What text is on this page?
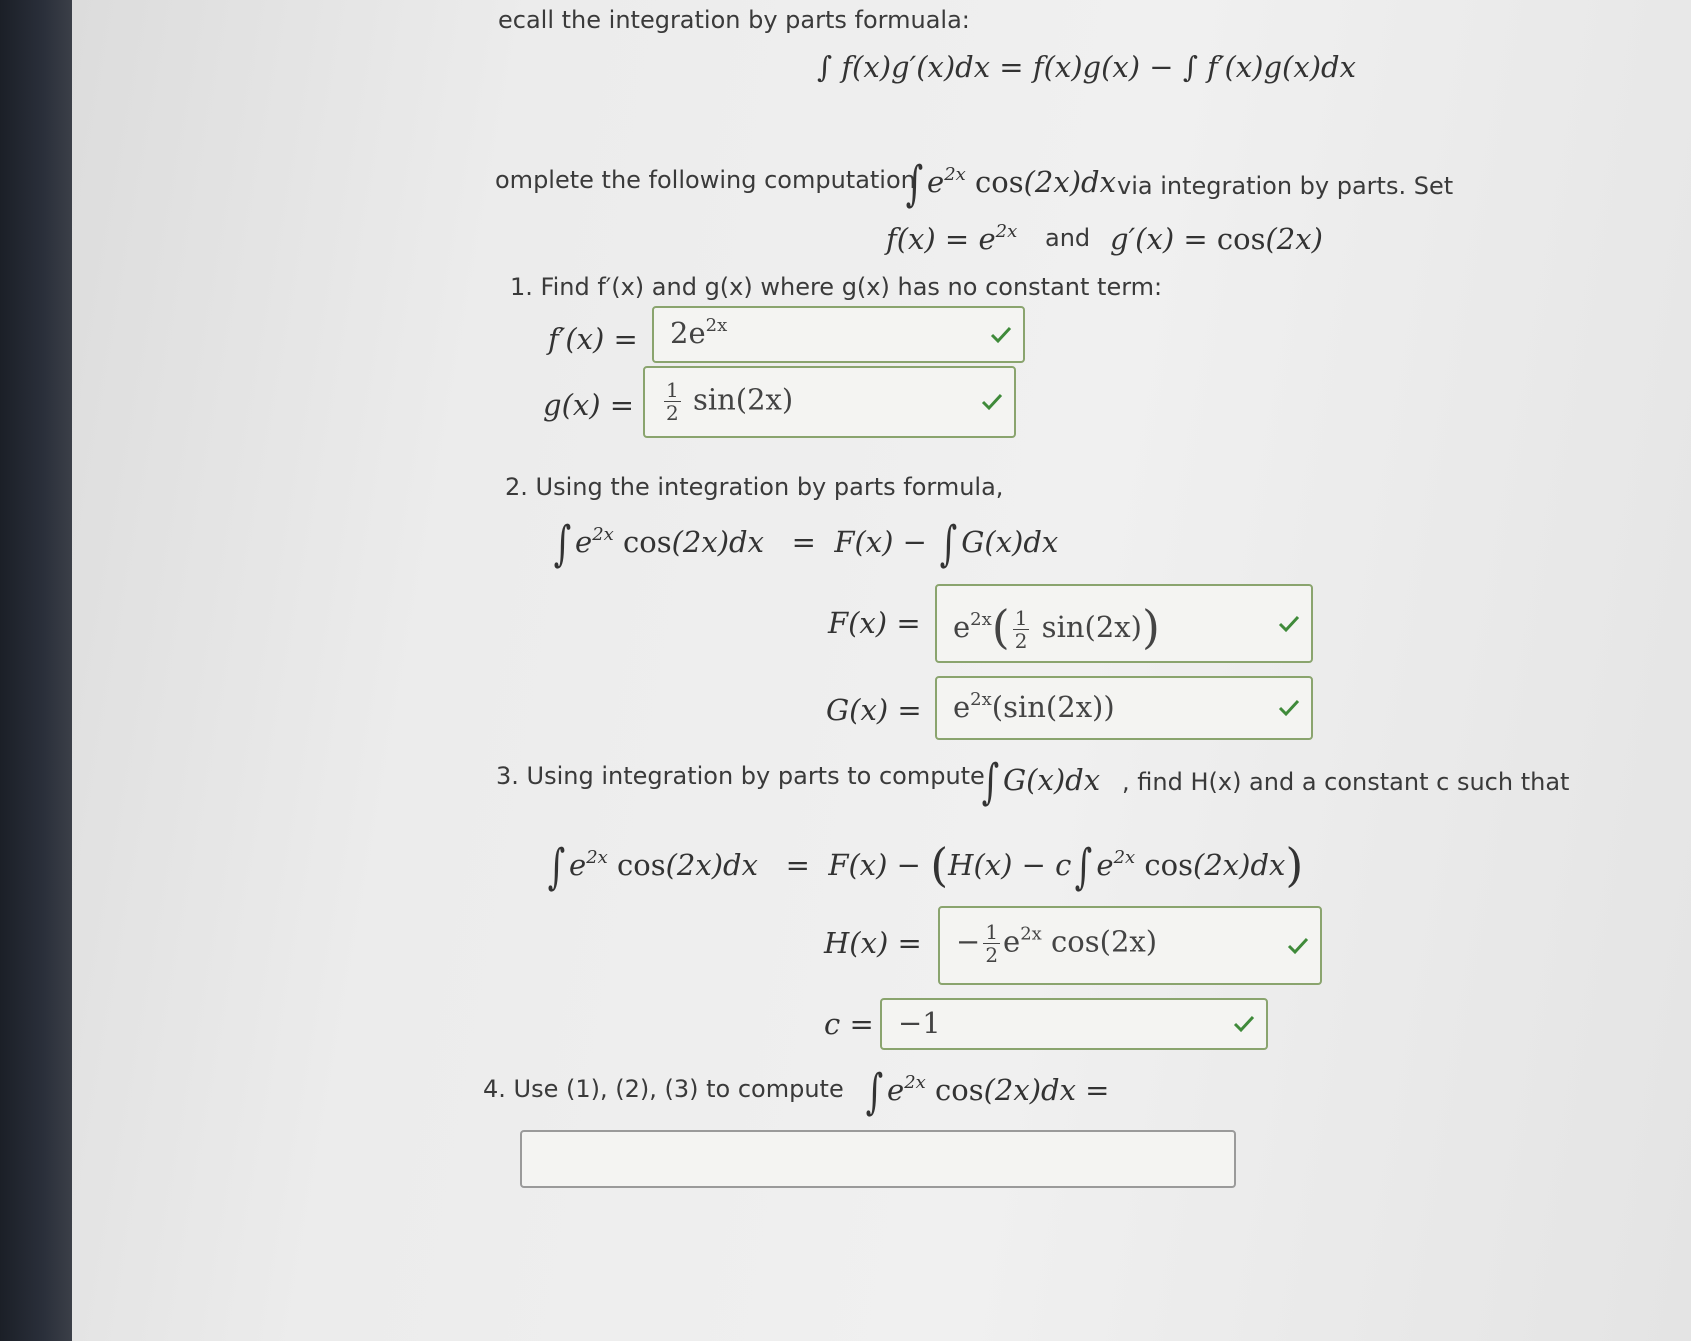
ecall the integration by parts formuala:
∫ f(x)g′(x)dx = f(x)g(x) − ∫ f′(x)g(x)dx
omplete the following computation
∫ $e^{2x}$ cos(2x)dx via integration by parts. Set
$f(x) = e^{2x}$ and g′(x) = cos(2x)
1. Find f′(x) and g(x) where g(x) has no constant term:
$f'(x) = 2e^{2x}$
$g(x) = \frac{1}{2} \sin(2x)$
2. Using the integration by parts formula,
∫ $e^{2x}$ cos(2x)dx   =  F(x) − ∫ G(x)dx
$F(x) = e^{2x}( \frac{1}{2} \sin(2x))$
$G(x) = e^{2x}(\sin(2x))$
3. Using integration by parts to compute
∫ G(x)dx , find H(x) and a constant c such that
∫ $e^{2x}$ cos(2x)dx   =  F(x) − (H(x) − c∫ $e^{2x}$ cos(2x)dx)
H(x) = − $\frac{1}{2} e^{2x}$ cos(2x)
c = −1
4. Use (1), (2), (3) to compute ∫ $e^{2x}$ cos(2x)dx =
